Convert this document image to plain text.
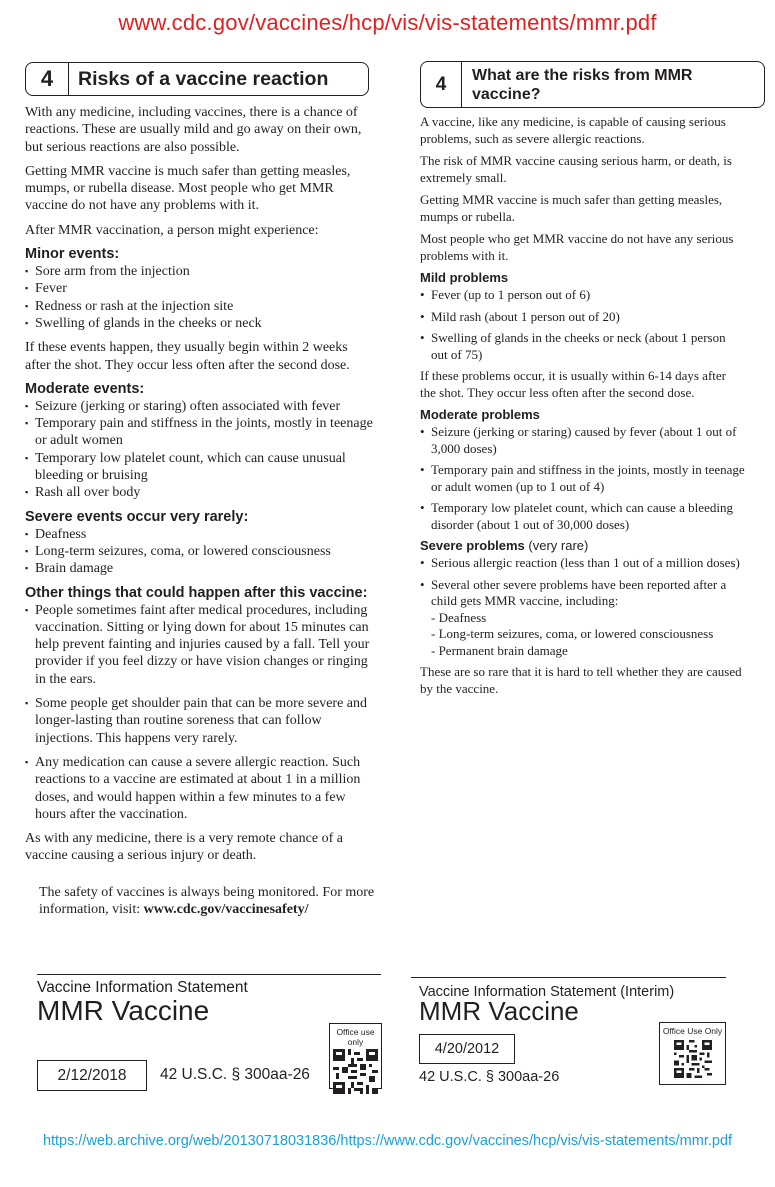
www.cdc.gov/vaccines/hcp/vis/vis-statements/mmr.pdf
4	Risks of a vaccine reaction

With any medicine, including vaccines, there is a chance of reactions. These are usually mild and go away on their own, but serious reactions are also possible.

Getting MMR vaccine is much safer than getting measles, mumps, or rubella disease. Most people who get MMR vaccine do not have any problems with it.

After MMR vaccination, a person might experience:

Minor events:
▪ Sore arm from the injection
▪ Fever
▪ Redness or rash at the injection site
▪ Swelling of glands in the cheeks or neck

If these events happen, they usually begin within 2 weeks after the shot. They occur less often after the second dose.

Moderate events:
▪ Seizure (jerking or staring) often associated with fever
▪ Temporary pain and stiffness in the joints, mostly in teenage or adult women
▪ Temporary low platelet count, which can cause unusual bleeding or bruising
▪ Rash all over body
Severe events occur very rarely:
▪ Deafness
▪ Long-term seizures, coma, or lowered consciousness
▪ Brain damage
Other things that could happen after this vaccine:
▪ People sometimes faint after medical procedures, including vaccination. Sitting or lying down for about 15 minutes can help prevent fainting and injuries caused by a fall. Tell your provider if you feel dizzy or have vision changes or ringing in the ears.
▪ Some people get shoulder pain that can be more severe and longer-lasting than routine soreness that can follow injections. This happens very rarely.
▪ Any medication can cause a severe allergic reaction. Such reactions to a vaccine are estimated at about 1 in a million doses, and would happen within a few minutes to a few hours after the vaccination.

As with any medicine, there is a very remote chance of a vaccine causing a serious injury or death.

The safety of vaccines is always being monitored. For more information, visit: www.cdc.gov/vaccinesafety/

4	What are the risks from MMR vaccine?

A vaccine, like any medicine, is capable of causing serious problems, such as severe allergic reactions.

The risk of MMR vaccine causing serious harm, or death, is extremely small.

Getting MMR vaccine is much safer than getting measles, mumps or rubella.

Most people who get MMR vaccine do not have any serious problems with it.

Mild problems
• Fever (up to 1 person out of 6)
• Mild rash (about 1 person out of 20)
• Swelling of glands in the cheeks or neck (about 1 person out of 75)

If these problems occur, it is usually within 6-14 days after the shot. They occur less often after the second dose.

Moderate problems
• Seizure (jerking or staring) caused by fever (about 1 out of 3,000 doses)
• Temporary pain and stiffness in the joints, mostly in teenage or adult women (up to 1 out of 4)
• Temporary low platelet count, which can cause a bleeding disorder (about 1 out of 30,000 doses)
Severe problems (very rare)
• Serious allergic reaction (less than 1 out of a million doses)
• Several other severe problems have been reported after a child gets MMR vaccine, including:
- Deafness
- Long-term seizures, coma, or lowered consciousness
- Permanent brain damage

These are so rare that it is hard to tell whether they are caused by the vaccine.

Vaccine Information Statement
MMR Vaccine
2/12/2018	42 U.S.C. § 300aa-26
Office use only
Vaccine Information Statement (Interim)
MMR Vaccine
4/20/2012
42 U.S.C. § 300aa-26
Office Use Only
https://web.archive.org/web/20130718031836/https://www.cdc.gov/vaccines/hcp/vis/vis-statements/mmr.pdf
